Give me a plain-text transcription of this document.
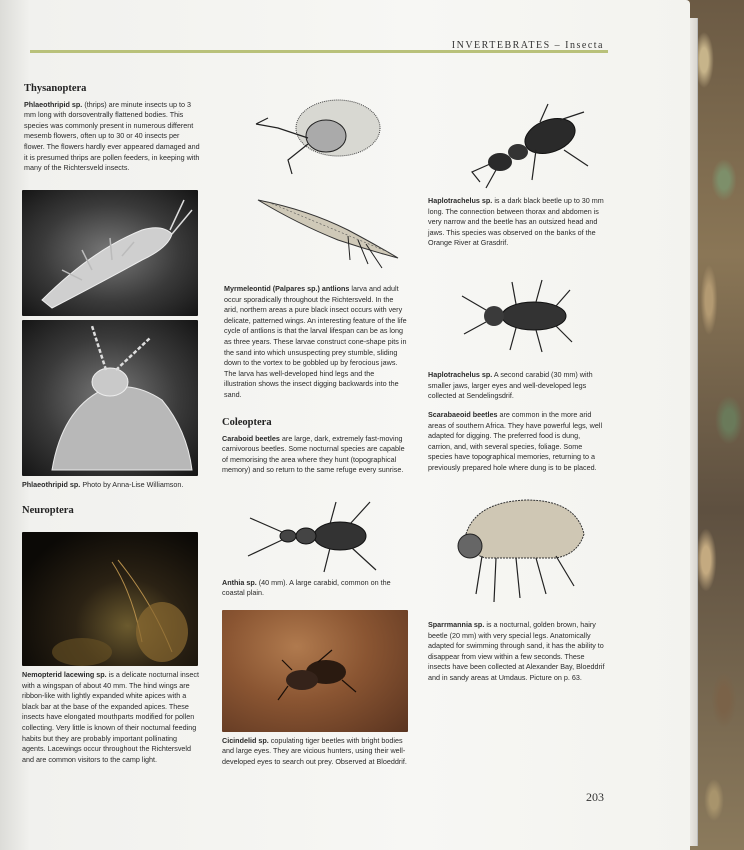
INVERTEBRATES – Insecta
Thysanoptera

Phlaeothripid sp. (thrips) are minute insects up to 3 mm long with dorsoventrally flattened bodies. This species was commonly present in numerous different mesemb flowers, often up to 30 or 40 insects per flower. The flowers hardly ever appeared damaged and it is presumed thrips are pollen feeders, in keeping with many of the Richtersveld insects.

Phlaeothripid sp. Photo by Anna-Lise Williamson.
Neuroptera

Nemopterid lacewing sp. is a delicate nocturnal insect with a wingspan of about 40 mm. The hind wings are ribbon-like with lightly expanded white apices with a black bar at the base of the expanded apices. These insects have elongated mouthparts modified for pollen collecting. Very little is known of their nocturnal feeding habits but they are probably important pollinating agents. Lacewings occur throughout the Richtersveld and are common visitors to the camp light.

Myrmeleontid (Palpares sp.) antlions larva and adult occur sporadically throughout the Richtersveld. In the arid, northern areas a pure black insect occurs with very delicate, patterned wings. An interesting feature of the life cycle of antlions is that the larval lifespan can be as long as three years. These larvae construct cone-shape pits in the sand into which unsuspecting prey stumble, sliding down to the vortex to be gobbled up by ferocious jaws. The larva has well-developed hind legs and the illustration shows the insect digging backwards into the sand.

Coleoptera

Caraboid beetles are large, dark, extremely fast-moving carnivorous beetles. Some nocturnal species are capable of memorising the area where they hunt (topographical memory) and so return to the same refuge every sunrise.

Anthia sp. (40 mm). A large carabid, common on the coastal plain.
Cicindelid sp. copulating tiger beetles with bright bodies and large eyes. They are vicious hunters, using their well-developed eyes to search out prey. Observed at Bloeddrif.

Haplotrachelus sp. is a dark black beetle up to 30 mm long. The connection between thorax and abdomen is very narrow and the beetle has an outsized head and jaws. This species was observed on the banks of the Orange River at Grasdrif.

Haplotrachelus sp. A second carabid (30 mm) with smaller jaws, larger eyes and well-developed legs collected at Sendelingsdrif.

Scarabaeoid beetles are common in the more arid areas of southern Africa. They have powerful legs, well adapted for digging. The preferred food is dung, carrion, and, with several species, foliage. Some species have topographical memories, returning to a previously prepared hole where dung is to be placed.

Sparrmannia sp. is a nocturnal, golden brown, hairy beetle (20 mm) with very special legs. Anatomically adapted for swimming through sand, it has the ability to disappear from view within a few seconds. These insects have been collected at Alexander Bay, Bloeddrif and in sandy areas at Umdaus. Picture on p. 63.

203
